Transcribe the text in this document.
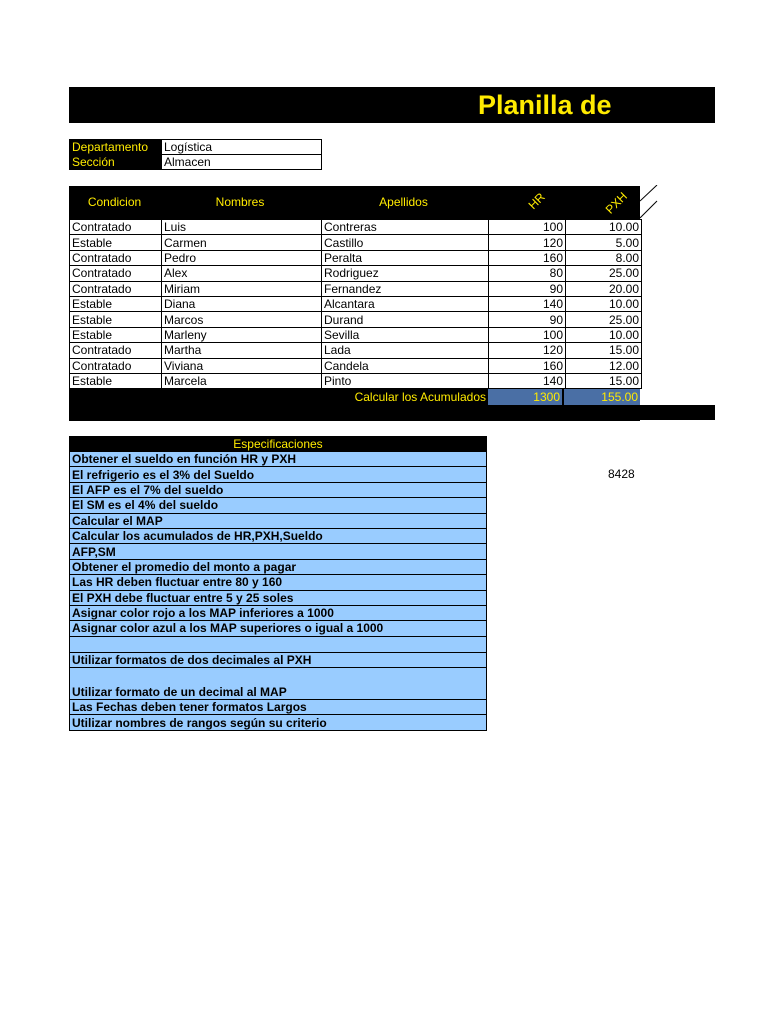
Planilla de
Departamento	Logística
Sección	Almacen
Condicion	Nombres	Apellidos	HR	PXH
Contratado	Luis	Contreras	100	10.00
Estable	Carmen	Castillo	120	5.00
Contratado	Pedro	Peralta	160	8.00
Contratado	Alex	Rodriguez	80	25.00
Contratado	Miriam	Fernandez	90	20.00
Estable	Diana	Alcantara	140	10.00
Estable	Marcos	Durand	90	25.00
Estable	Marleny	Sevilla	100	10.00
Contratado	Martha	Lada	120	15.00
Contratado	Viviana	Candela	160	12.00
Estable	Marcela	Pinto	140	15.00
Calcular los Acumulados	1300	155.00
8428
Especificaciones
Obtener el sueldo en función HR y PXH
El refrigerio es el 3% del Sueldo
El AFP es el 7% del sueldo
El SM es el 4% del sueldo
Calcular el MAP
Calcular los acumulados de HR,PXH,Sueldo
AFP,SM
Obtener el promedio del monto a pagar
Las HR deben fluctuar entre 80 y 160
El PXH debe fluctuar entre 5 y 25 soles
Asignar color rojo a los MAP inferiores a 1000
Asignar color azul a los MAP superiores o igual a 1000

Utilizar formatos de dos decimales al PXH
Utilizar formato de un decimal al MAP
Las Fechas deben tener formatos Largos
Utilizar nombres de rangos según su criterio
